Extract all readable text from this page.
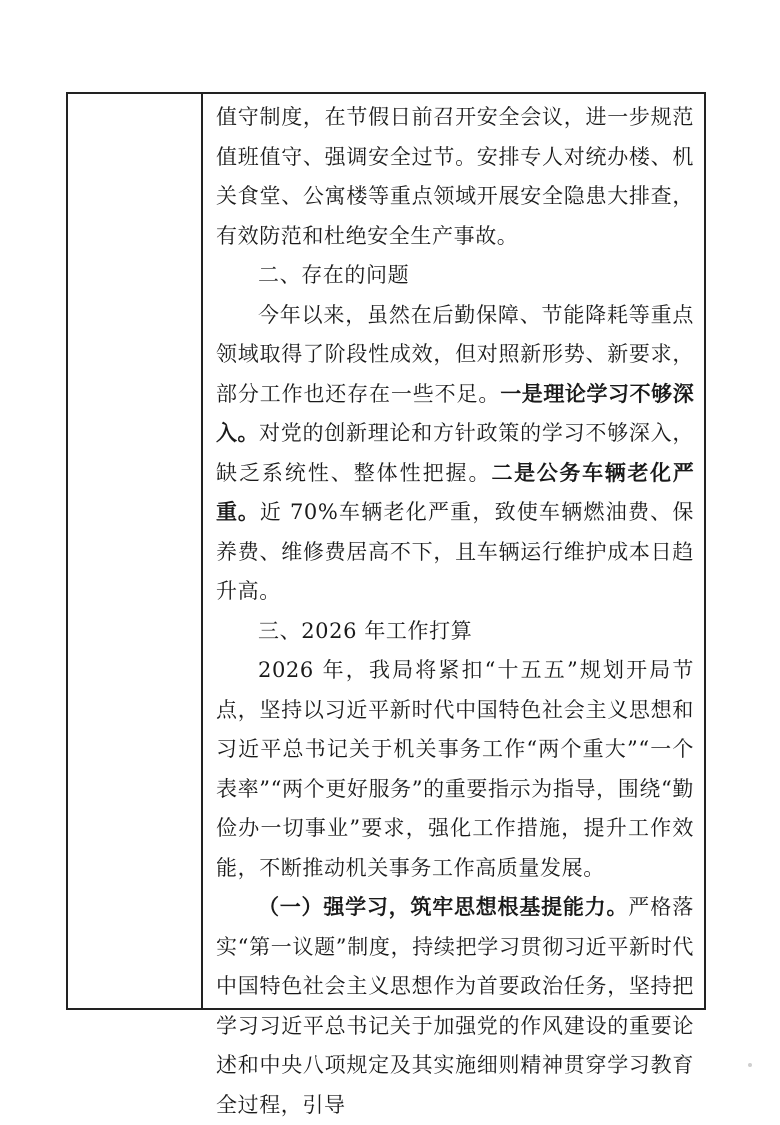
值守制度，在节假日前召开安全会议，进一步规范值班值守、强调安全过节。安排专人对统办楼、机关食堂、公寓楼等重点领域开展安全隐患大排查，有效防范和杜绝安全生产事故。

二、存在的问题

今年以来，虽然在后勤保障、节能降耗等重点领域取得了阶段性成效，但对照新形势、新要求，部分工作也还存在一些不足。一是理论学习不够深入。对党的创新理论和方针政策的学习不够深入，缺乏系统性、整体性把握。二是公务车辆老化严重。近 70%车辆老化严重，致使车辆燃油费、保养费、维修费居高不下，且车辆运行维护成本日趋升高。

三、2026 年工作打算

2026 年，我局将紧扣“十五五”规划开局节点，坚持以习近平新时代中国特色社会主义思想和习近平总书记关于机关事务工作“两个重大”“一个表率”“两个更好服务”的重要指示为指导，围绕“勤俭办一切事业”要求，强化工作措施，提升工作效能，不断推动机关事务工作高质量发展。

（一）强学习，筑牢思想根基提能力。严格落实“第一议题”制度，持续把学习贯彻习近平新时代中国特色社会主义思想作为首要政治任务，坚持把学习习近平总书记关于加强党的作风建设的重要论述和中央八项规定及其实施细则精神贯穿学习教育全过程，引导
